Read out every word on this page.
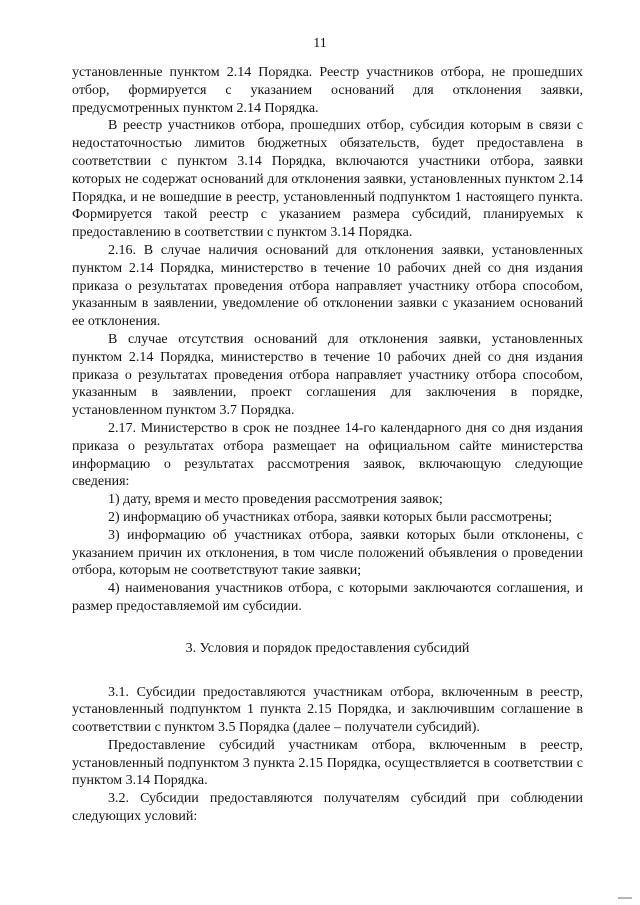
11

установленные пунктом 2.14 Порядка. Реестр участников отбора, не прошедших отбор, формируется с указанием оснований для отклонения заявки, предусмотренных пунктом 2.14 Порядка.

В реестр участников отбора, прошедших отбор, субсидия которым в связи с недостаточностью лимитов бюджетных обязательств, будет предоставлена в соответствии с пунктом 3.14 Порядка, включаются участники отбора, заявки которых не содержат оснований для отклонения заявки, установленных пунктом 2.14 Порядка, и не вошедшие в реестр, установленный подпунктом 1 настоящего пункта. Формируется такой реестр с указанием размера субсидий, планируемых к предоставлению в соответствии с пунктом 3.14 Порядка.

2.16. В случае наличия оснований для отклонения заявки, установленных пунктом 2.14 Порядка, министерство в течение 10 рабочих дней со дня издания приказа о результатах проведения отбора направляет участнику отбора способом, указанным в заявлении, уведомление об отклонении заявки с указанием оснований ее отклонения.

В случае отсутствия оснований для отклонения заявки, установленных пунктом 2.14 Порядка, министерство в течение 10 рабочих дней со дня издания приказа о результатах проведения отбора направляет участнику отбора способом, указанным в заявлении, проект соглашения для заключения в порядке, установленном пунктом 3.7 Порядка.

2.17. Министерство в срок не позднее 14-го календарного дня со дня издания приказа о результатах отбора размещает на официальном сайте министерства информацию о результатах рассмотрения заявок, включающую следующие сведения:

1) дату, время и место проведения рассмотрения заявок;

2) информацию об участниках отбора, заявки которых были рассмотрены;

3) информацию об участниках отбора, заявки которых были отклонены, с указанием причин их отклонения, в том числе положений объявления о проведении отбора, которым не соответствуют такие заявки;

4) наименования участников отбора, с которыми заключаются соглашения, и размер предоставляемой им субсидии.

3. Условия и порядок предоставления субсидий

3.1. Субсидии предоставляются участникам отбора, включенным в реестр, установленный подпунктом 1 пункта 2.15 Порядка, и заключившим соглашение в соответствии с пунктом 3.5 Порядка (далее – получатели субсидий).

Предоставление субсидий участникам отбора, включенным в реестр, установленный подпунктом 3 пункта 2.15 Порядка, осуществляется в соответствии с пунктом 3.14 Порядка.

3.2. Субсидии предоставляются получателям субсидий при соблюдении следующих условий:
